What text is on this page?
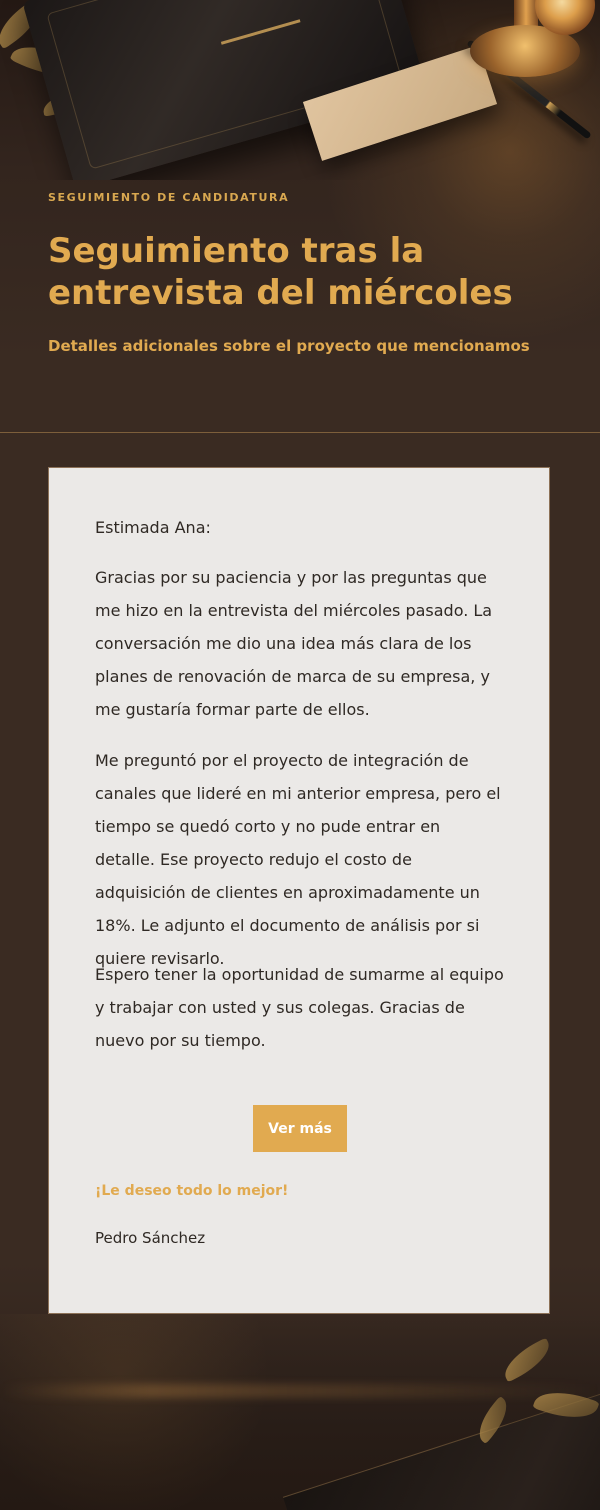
SEGUIMIENTO DE CANDIDATURA
Seguimiento tras la entrevista del miércoles
Detalles adicionales sobre el proyecto que mencionamos
Estimada Ana:

Gracias por su paciencia y por las preguntas que me hizo en la entrevista del miércoles pasado. La conversación me dio una idea más clara de los planes de renovación de marca de su empresa, y me gustaría formar parte de ellos.

Me preguntó por el proyecto de integración de canales que lideré en mi anterior empresa, pero el tiempo se quedó corto y no pude entrar en detalle. Ese proyecto redujo el costo de adquisición de clientes en aproximadamente un 18%. Le adjunto el documento de análisis por si quiere revisarlo.

Espero tener la oportunidad de sumarme al equipo y trabajar con usted y sus colegas. Gracias de nuevo por su tiempo.

Ver más
¡Le deseo todo lo mejor!
Pedro Sánchez
